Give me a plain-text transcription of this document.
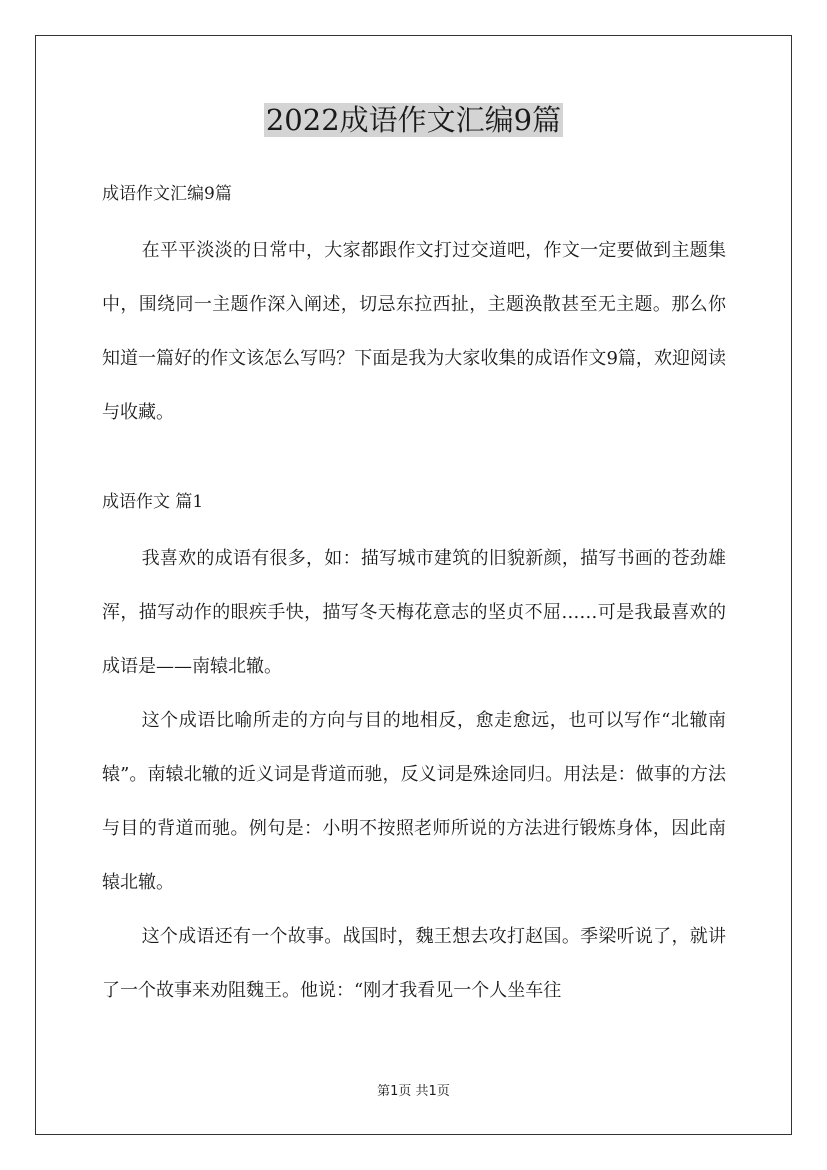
2022成语作文汇编9篇

成语作文汇编9篇

在平平淡淡的日常中，大家都跟作文打过交道吧，作文一定要做到主题集中，围绕同一主题作深入阐述，切忌东拉西扯，主题涣散甚至无主题。那么你知道一篇好的作文该怎么写吗？下面是我为大家收集的成语作文9篇，欢迎阅读与收藏。

成语作文 篇1

我喜欢的成语有很多，如：描写城市建筑的旧貌新颜，描写书画的苍劲雄浑，描写动作的眼疾手快，描写冬天梅花意志的坚贞不屈……可是我最喜欢的成语是——南辕北辙。

这个成语比喻所走的方向与目的地相反，愈走愈远，也可以写作“北辙南辕”。南辕北辙的近义词是背道而驰，反义词是殊途同归。用法是：做事的方法与目的背道而驰。例句是：小明不按照老师所说的方法进行锻炼身体，因此南辕北辙。

这个成语还有一个故事。战国时，魏王想去攻打赵国。季梁听说了，就讲了一个故事来劝阻魏王。他说：“刚才我看见一个人坐车往

第1页 共1页
